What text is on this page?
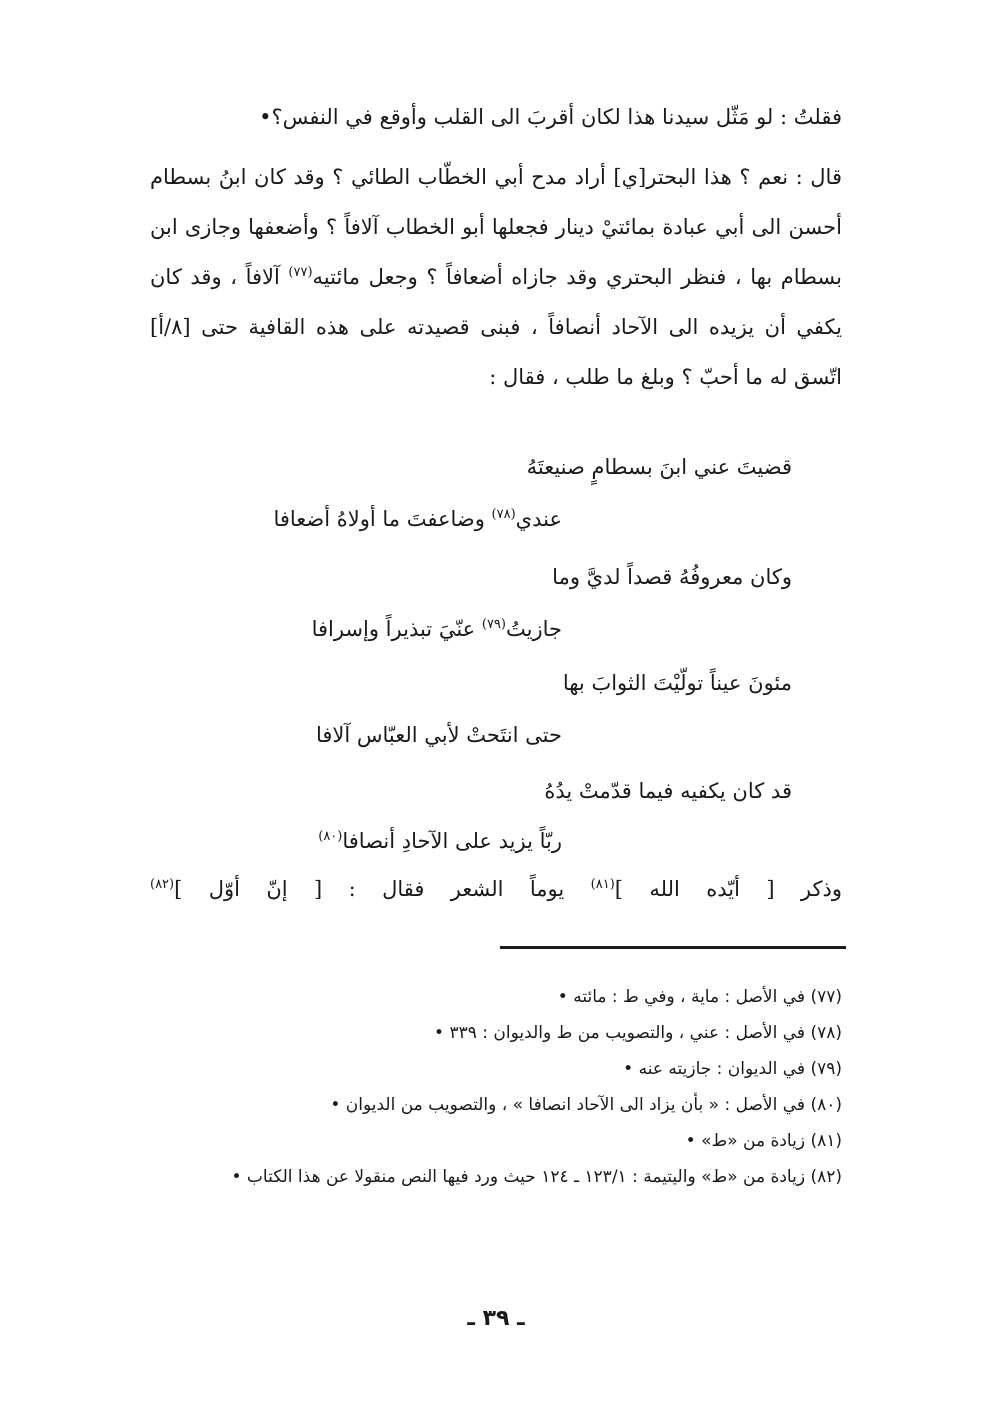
فقلتُ : لو مَثّل سيدنا هذا لكان أقربَ الى القلب وأوقع في النفس؟•

قال : نعم ؟ هذا البحتر[ي] أراد مدح أبي الخطّاب الطائي ؟ وقد كان ابنُ بسطام أحسن الى أبي عبادة بمائتيْ دينار فجعلها أبو الخطاب آلافاً ؟ وأضعفها وجازى ابن بسطام بها ، فنظر البحتري وقد جازاه أضعافاً ؟ وجعل مائتيه$^{(٧٧)}$ آلافاً ، وقد كان يكفي أن يزيده الى الآحاد أنصافاً ، فبنى قصيدته على هذه القافية حتى [٨/أ] اتّسق له ما أحبّ ؟ وبلغ ما طلب ، فقال :

قضيتَ عني ابنَ بسطامٍ صنيعتَهُ
عندي$^{(٧٨)}$ وضاعفتَ ما أولاهُ أضعافا
وكان معروفُهُ قصداً لديَّ وما
جازيتُ$^{(٧٩)}$ عنّيَ تبذيراً وإسرافا
مئونَ عيناً تولّيْتَ الثوابَ بها
حتى انتَحتْ لأبي العبّاس آلافا
قد كان يكفيه فيما قدّمتْ يدُهُ
ربّاً يزيد على الآحادِ أنصافا$^{(٨٠)}$
وذكر [ أيّده الله ]$^{(٨١)}$ يوماً الشعر فقال : [ إنّ أوّل ]$^{(٨٢)}$

(٧٧) في الأصل : ماية ، وفي ط : مائته •

(٧٨) في الأصل : عني ، والتصويب من ط والديوان : ٣٣٩ •

(٧٩) في الديوان : جازيته عنه •

(٨٠) في الأصل : « بأن يزاد الى الآحاد انصافا » ، والتصويب من الديوان •

(٨١) زيادة من «ط» •

(٨٢) زيادة من «ط» واليتيمة : ١٢٣/١ ـ ١٢٤ حيث ورد فيها النص منقولا عن هذا الكتاب •

ـ ٣٩ ـ
